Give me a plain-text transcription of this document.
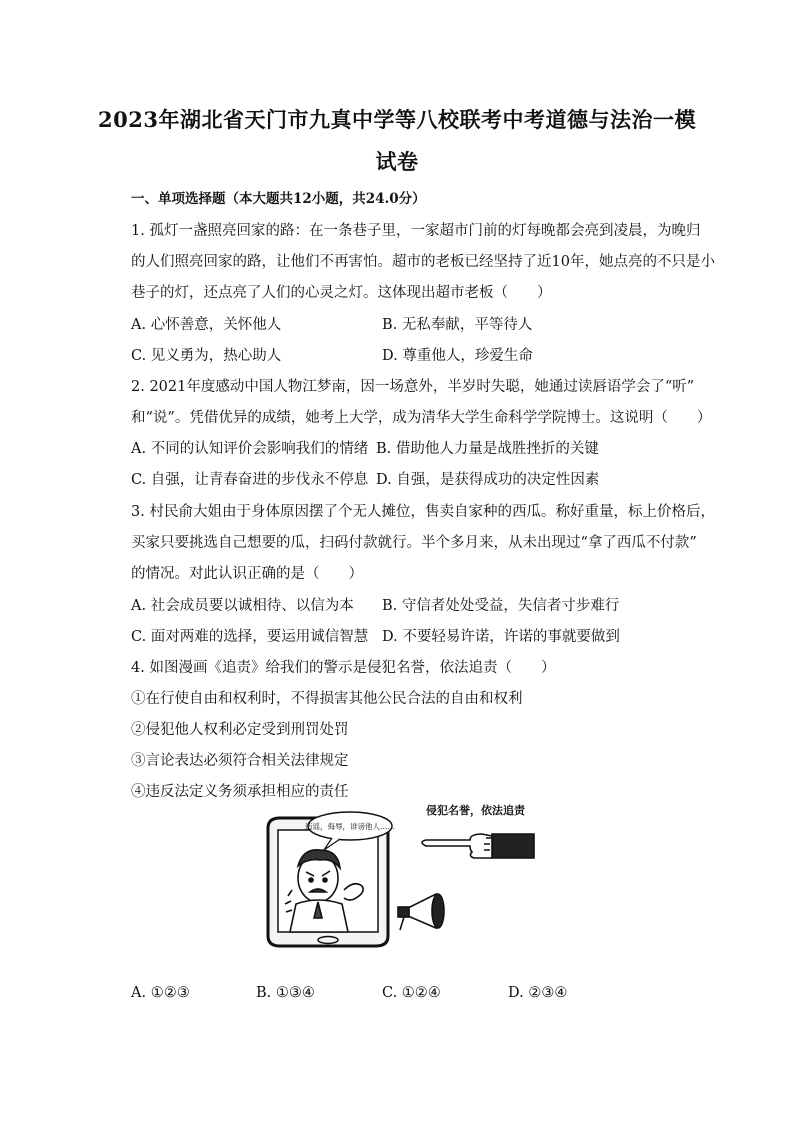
2023年湖北省天门市九真中学等八校联考中考道德与法治一模
试卷
一、单项选择题（本大题共12小题，共24.0分）
1. 孤灯一盏照亮回家的路：在一条巷子里，一家超市门前的灯每晚都会亮到凌晨，为晚归
的人们照亮回家的路，让他们不再害怕。超市的老板已经坚持了近10年，她点亮的不只是小
巷子的灯，还点亮了人们的心灵之灯。这体现出超市老板（　　）
A. 心怀善意，关怀他人	B. 无私奉献，平等待人
C. 见义勇为，热心助人	D. 尊重他人，珍爱生命
2. 2021年度感动中国人物江梦南，因一场意外，半岁时失聪，她通过读唇语学会了“听”
和“说”。凭借优异的成绩，她考上大学，成为清华大学生命科学学院博士。这说明（　　）
A. 不同的认知评价会影响我们的情绪 B. 借助他人力量是战胜挫折的关键
C. 自强，让青春奋进的步伐永不停息 D. 自强，是获得成功的决定性因素
3. 村民俞大姐由于身体原因摆了个无人摊位，售卖自家种的西瓜。称好重量，标上价格后，
买家只要挑选自己想要的瓜，扫码付款就行。半个多月来，从未出现过“拿了西瓜不付款”
的情况。对此认识正确的是（　　）
A. 社会成员要以诚相待、以信为本 B. 守信者处处受益，失信者寸步难行
C. 面对两难的选择，要运用诚信智慧 D. 不要轻易许诺，许诺的事就要做到
4. 如图漫画《追责》给我们的警示是侵犯名誉，依法追责（　　）
①在行使自由和权利时，不得损害其他公民合法的自由和权利
②侵犯他人权利必定受到刑罚处罚
③言论表达必须符合相关法律规定
④违反法定义务须承担相应的责任
侵犯名誉，依法追责
造谣，侮辱，诽谤他人……
A. ①②③	B. ①③④	C. ①②④	D. ②③④
